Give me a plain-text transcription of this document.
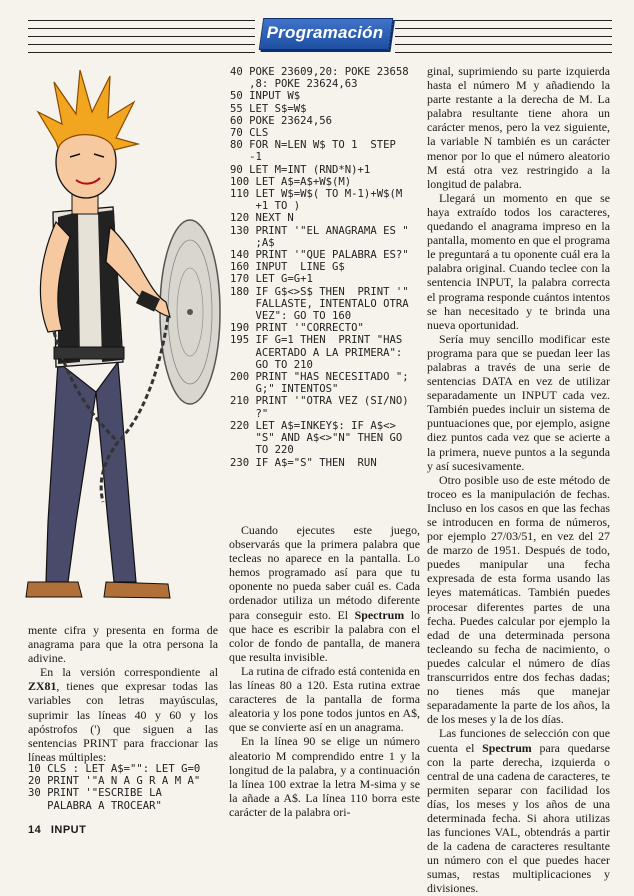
Programación
40 POKE 23609,20: POKE 23658
,8: POKE 23624,63
50 INPUT W$
55 LET S$=W$
60 POKE 23624,56
70 CLS
80 FOR N=LEN W$ TO 1  STEP
-1
90 LET M=INT (RND*N)+1
100 LET A$=A$+W$(M)
110 LET W$=W$( TO M-1)+W$(M
+1 TO )
120 NEXT N
130 PRINT '"EL ANAGRAMA ES "
;A$
140 PRINT '"QUE PALABRA ES?"
160 INPUT  LINE G$
170 LET G=G+1
180 IF G$<>S$ THEN  PRINT '"
FALLASTE, INTENTALO OTRA
VEZ": GO TO 160
190 PRINT '"CORRECTO"
195 IF G=1 THEN  PRINT "HAS
ACERTADO A LA PRIMERA":
GO TO 210
200 PRINT "HAS NECESITADO ";
G;" INTENTOS"
210 PRINT '"OTRA VEZ (SI/NO)
?"
220 LET A$=INKEY$: IF A$<>
"S" AND A$<>"N" THEN GO
TO 220
230 IF A$="S" THEN  RUN

Cuando ejecutes este juego, observarás que la primera palabra que tecleas no aparece en la pantalla. Lo hemos programado así para que tu oponente no pueda saber cuál es. Cada ordenador utiliza un método diferente para conseguir esto. El Spectrum lo que hace es escribir la palabra con el color de fondo de pantalla, de manera que resulta invisible.

La rutina de cifrado está contenida en las líneas 80 a 120. Esta rutina extrae caracteres de la pantalla de forma aleatoria y los pone todos juntos en A$, que se convierte así en un anagrama.

En la línea 90 se elige un número aleatorio M comprendido entre 1 y la longitud de la palabra, y a continuación la línea 100 extrae la letra M-sima y se la añade a A$. La línea 110 borra este carácter de la palabra ori-

ginal, suprimiendo su parte izquierda hasta el número M y añadiendo la parte restante a la derecha de M. La palabra resultante tiene ahora un carácter menos, pero la vez siguiente, la variable N también es un carácter menor por lo que el número aleatorio M está otra vez restringido a la longitud de palabra.

Llegará un momento en que se haya extraído todos los caracteres, quedando el anagrama impreso en la pantalla, momento en que el programa le preguntará a tu oponente cuál era la palabra original. Cuando teclee con la sentencia INPUT, la palabra correcta el programa responde cuántos intentos se han necesitado y te brinda una nueva oportunidad.

Sería muy sencillo modificar este programa para que se puedan leer las palabras a través de una serie de sentencias DATA en vez de utilizar separadamente un INPUT cada vez. También puedes incluir un sistema de puntuaciones que, por ejemplo, asigne diez puntos cada vez que se acierte a la primera, nueve puntos a la segunda y así sucesivamente.

Otro posible uso de este método de troceo es la manipulación de fechas. Incluso en los casos en que las fechas se introducen en forma de números, por ejemplo 27/03/51, en vez del 27 de marzo de 1951. Después de todo, puedes manipular una fecha expresada de esta forma usando las leyes matemáticas. También puedes procesar diferentes partes de una fecha. Puedes calcular por ejemplo la edad de una determinada persona tecleando su fecha de nacimiento, o puedes calcular el número de días transcurridos entre dos fechas dadas; no tienes más que manejar separadamente la parte de los años, la de los meses y la de los días.

Las funciones de selección con que cuenta el Spectrum para quedarse con la parte derecha, izquierda o central de una cadena de caracteres, te permiten separar con facilidad los días, los meses y los años de una determinada fecha. Si ahora utilizas las funciones VAL, obtendrás a partir de la cadena de caracteres resultante un número con el que puedes hacer sumas, restas multiplicaciones y divisiones.

mente cifra y presenta en forma de anagrama para que la otra persona la adivine.

En la versión correspondiente al ZX81, tienes que expresar todas las variables con letras mayúsculas, suprimir las líneas 40 y 60 y los apóstrofos (') que siguen a las sentencias PRINT para fraccionar las líneas múltiples:

10 CLS : LET A$="": LET G=0
20 PRINT '"A N A G R A M A"
30 PRINT '"ESCRIBE LA
PALABRA A TROCEAR"
14 INPUT
